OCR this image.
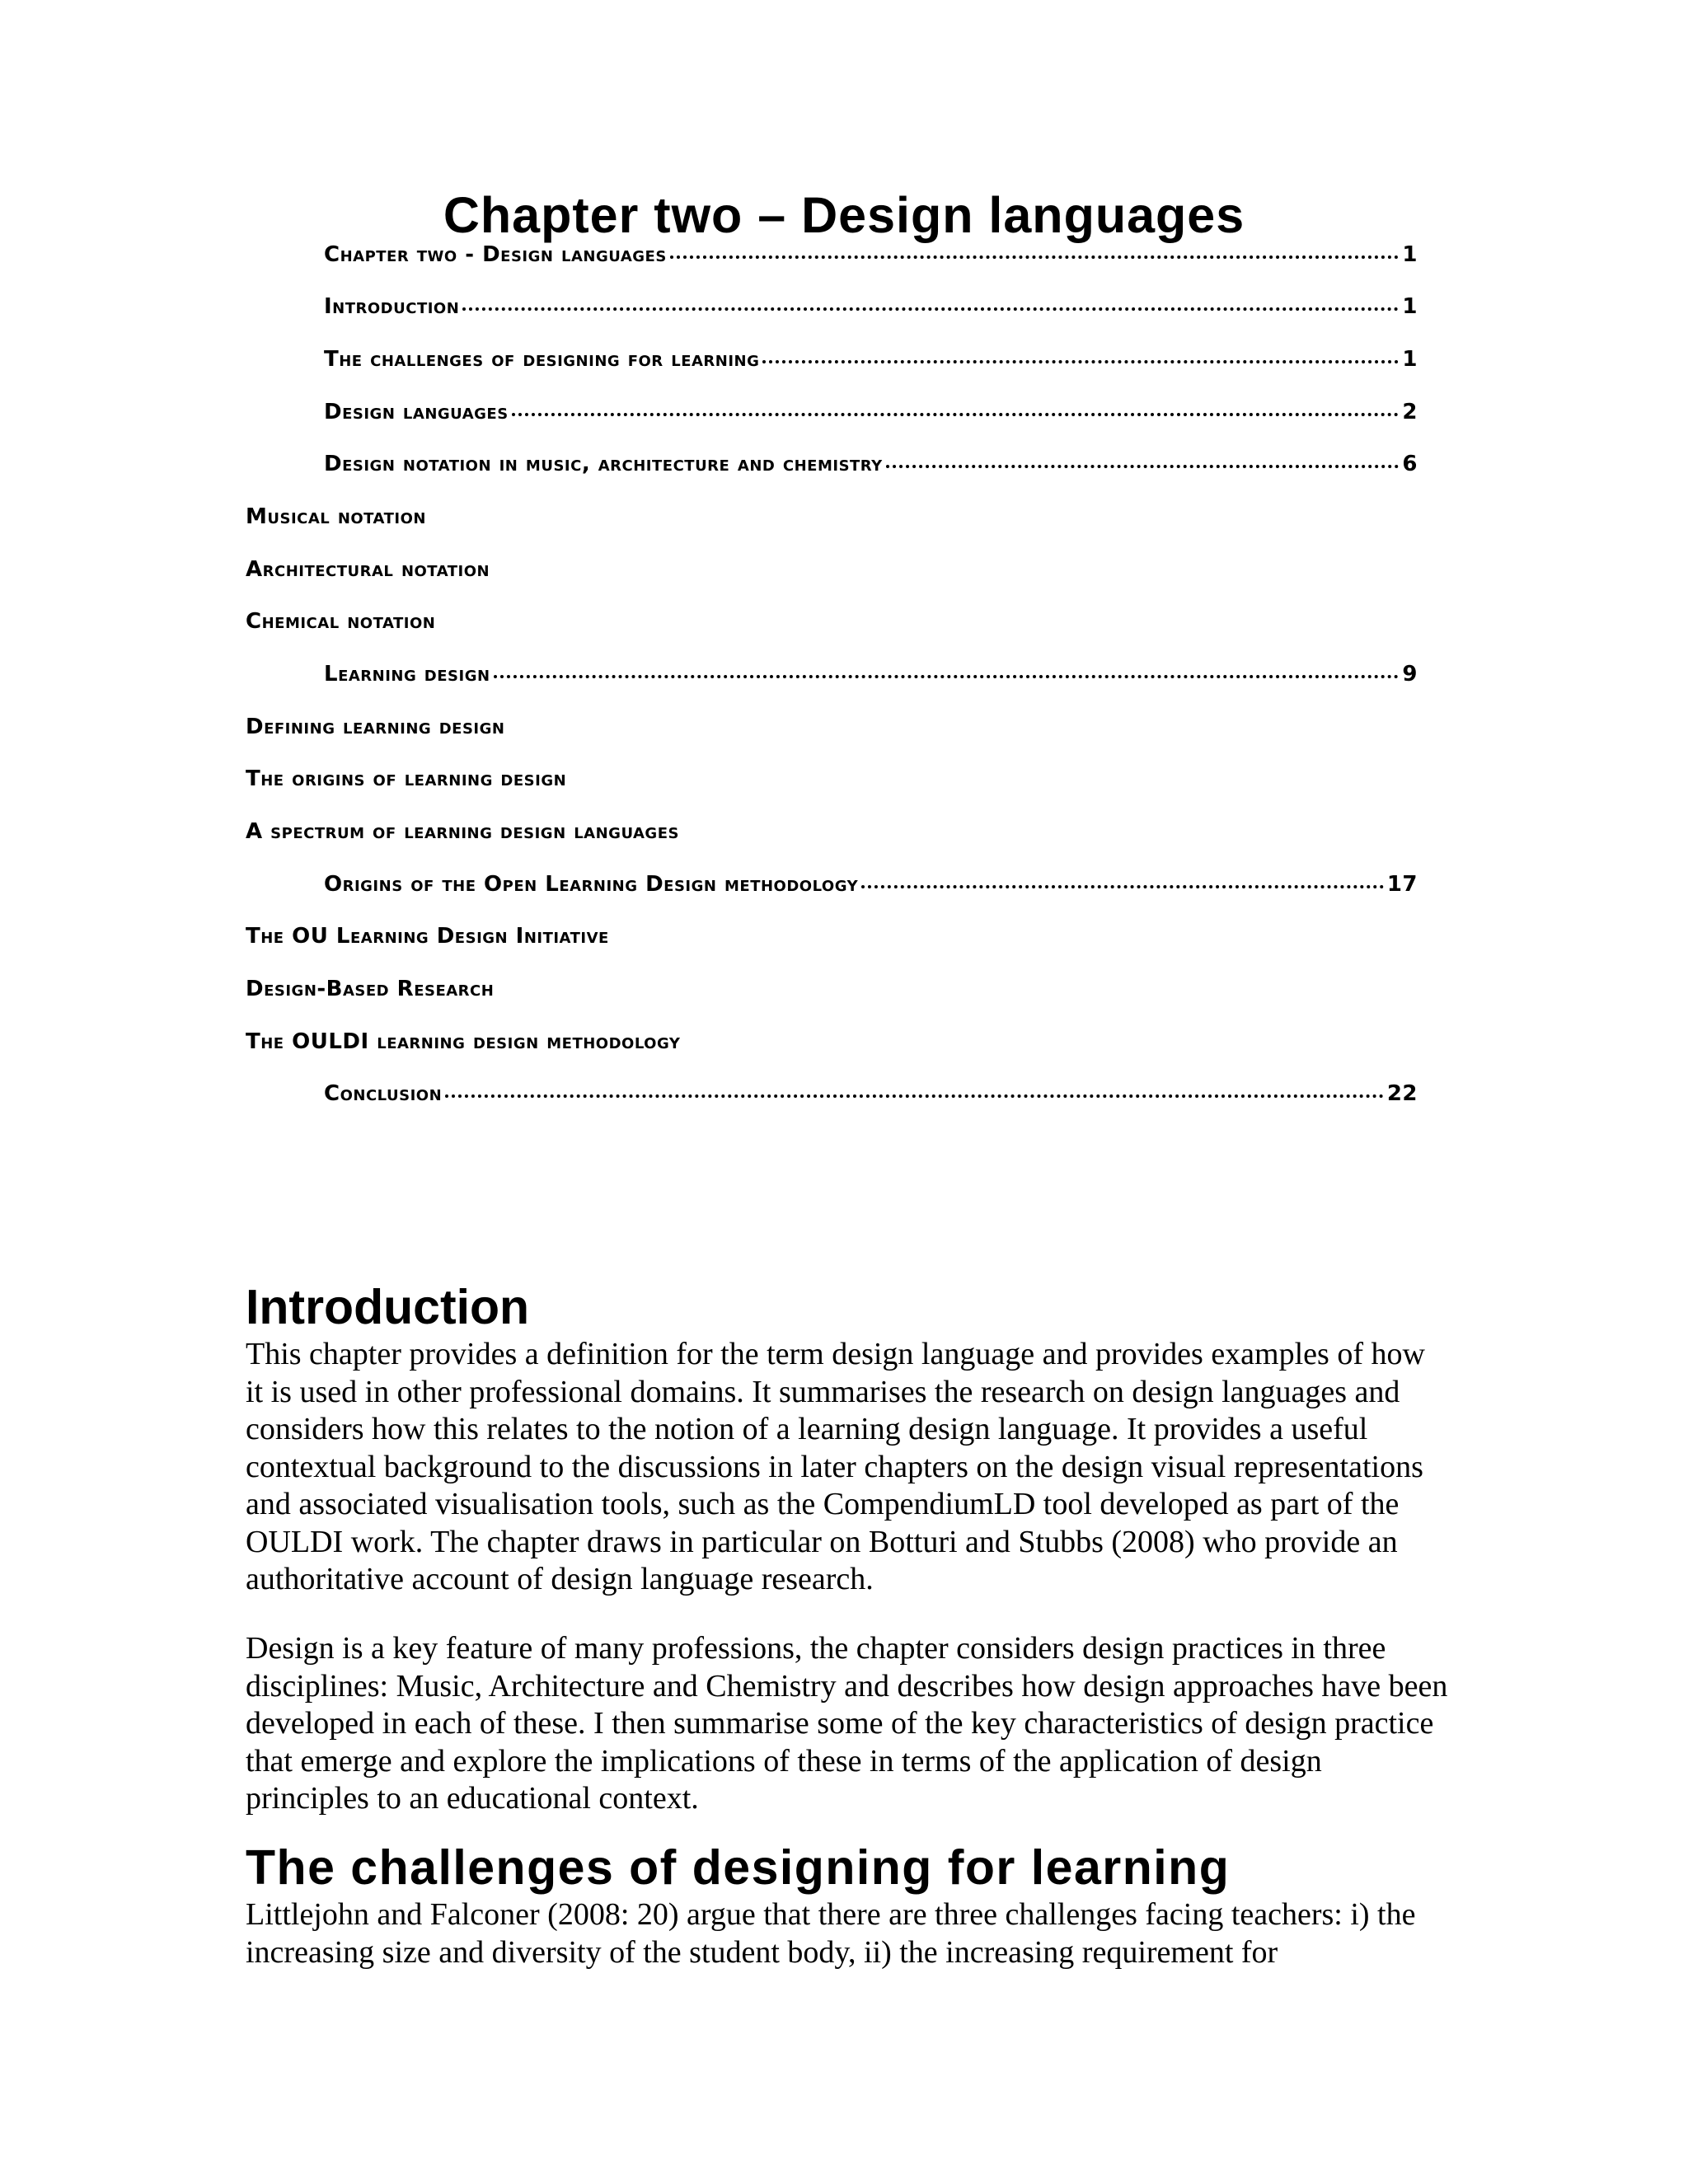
Chapter two – Design languages
Chapter two - Design languages	1
Introduction	1
The challenges of designing for learning	1
Design languages	2
Design notation in music, architecture and chemistry	6
Musical notation
Architectural notation
Chemical notation
Learning design	9
Defining learning design
The origins of learning design
A spectrum of learning design languages
Origins of the Open Learning Design methodology	17
The OU Learning Design Initiative
Design-Based Research
The OULDI learning design methodology
Conclusion	22
Introduction

This chapter provides a definition for the term design language and provides examples of how it is used in other professional domains. It summarises the research on design languages and considers how this relates to the notion of a learning design language. It provides a useful contextual background to the discussions in later chapters on the design visual representations and associated visualisation tools, such as the CompendiumLD tool developed as part of the OULDI work. The chapter draws in particular on Botturi and Stubbs (2008) who provide an authoritative account of design language research.

Design is a key feature of many professions, the chapter considers design practices in three disciplines: Music, Architecture and Chemistry and describes how design approaches have been developed in each of these. I then summarise some of the key characteristics of design practice that emerge and explore the implications of these in terms of the application of design principles to an educational context.

The challenges of designing for learning

Littlejohn and Falconer (2008: 20) argue that there are three challenges facing teachers: i) the increasing size and diversity of the student body, ii) the increasing requirement for
